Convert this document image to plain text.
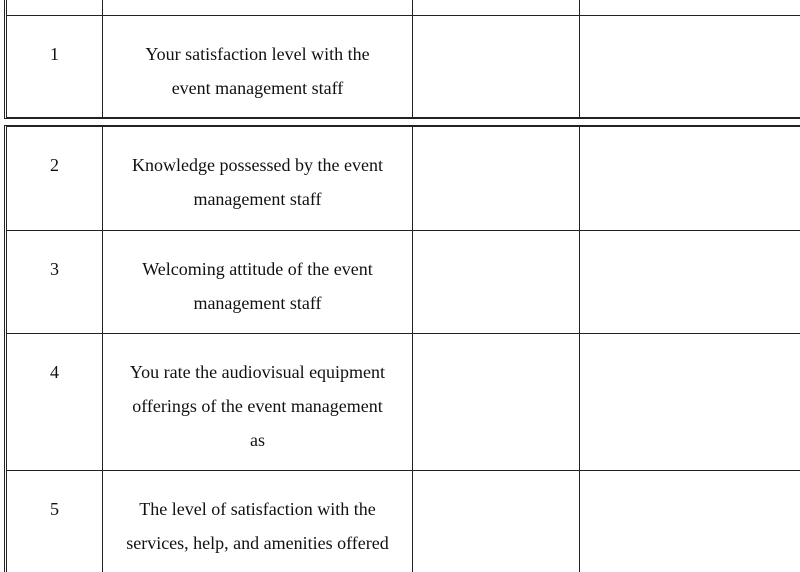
1	Your satisfaction level with the event management staff
2	Knowledge possessed by the event management staff
3	Welcoming attitude of the event management staff
4	You rate the audiovisual equipment offerings of the event management as
5	The level of satisfaction with the services, help, and amenities offered
